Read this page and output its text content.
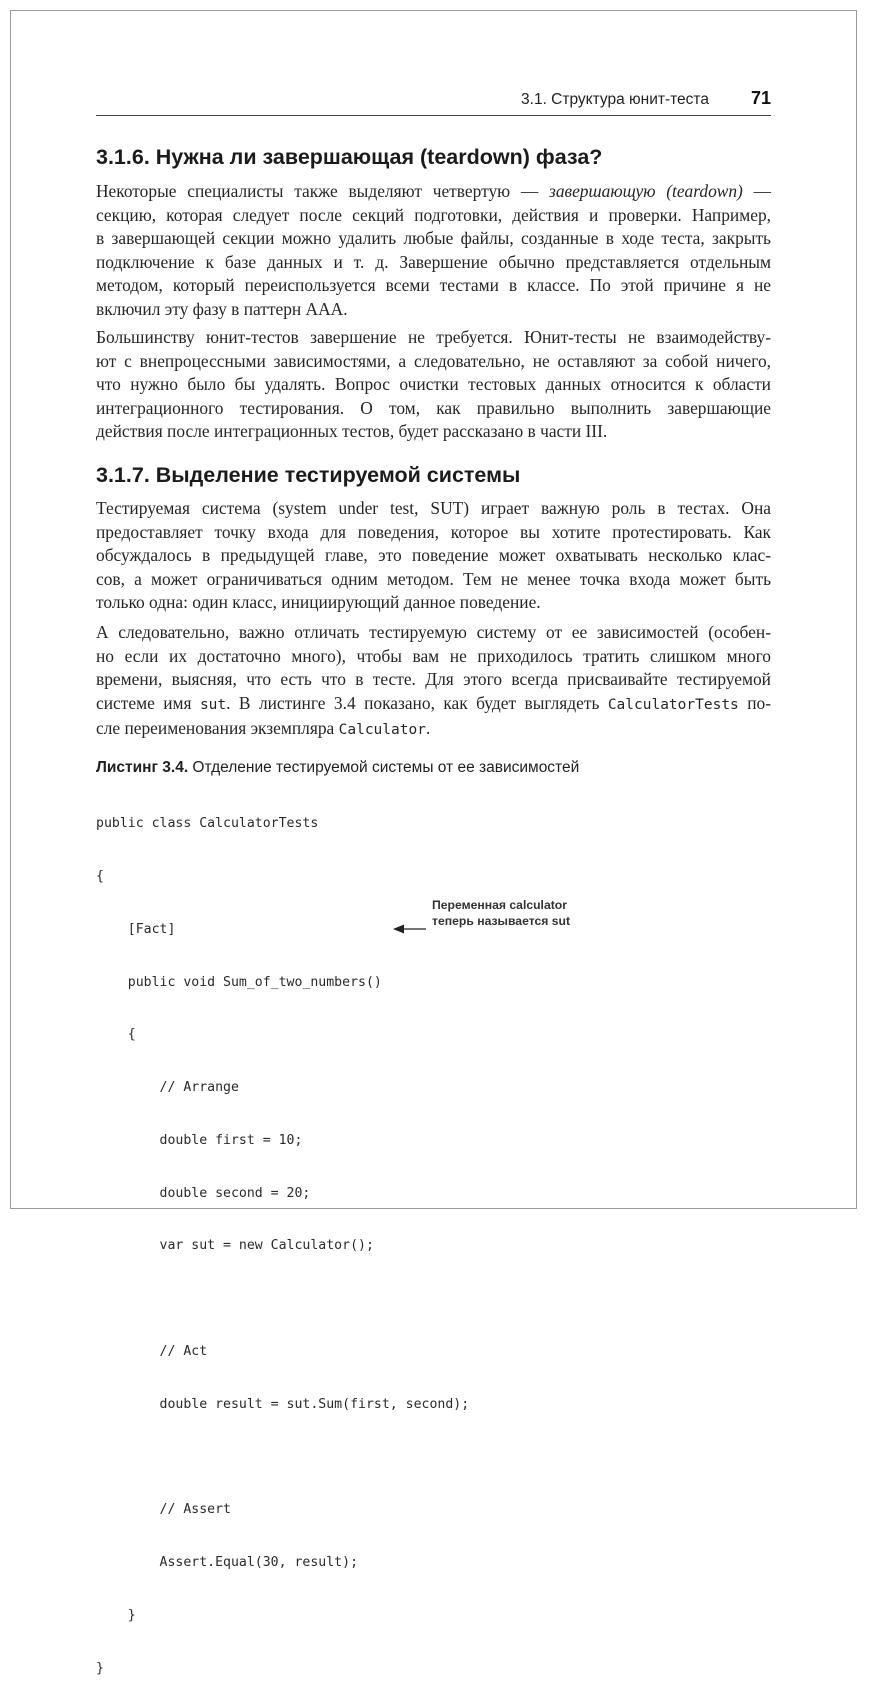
3.1. Структура юнит-теста 71
3.1.6. Нужна ли завершающая (teardown) фаза?

Некоторые специалисты также выделяют четвертую — завершающую (teardown) —
секцию, которая следует после секций подготовки, действия и проверки. Например,
в завершающей секции можно удалить любые файлы, созданные в ходе теста, закрыть
подключение к базе данных и т. д. Завершение обычно представляется отдельным
методом, который переиспользуется всеми тестами в классе. По этой причине я не
включил эту фазу в паттерн AAA.

Большинству юнит-тестов завершение не требуется. Юнит-тесты не взаимодейству-
ют с внепроцессными зависимостями, а следовательно, не оставляют за собой ничего,
что нужно было бы удалять. Вопрос очистки тестовых данных относится к области
интеграционного тестирования. О том, как правильно выполнить завершающие
действия после интеграционных тестов, будет рассказано в части III.

3.1.7. Выделение тестируемой системы

Тестируемая система (system under test, SUT) играет важную роль в тестах. Она
предоставляет точку входа для поведения, которое вы хотите протестировать. Как
обсуждалось в предыдущей главе, это поведение может охватывать несколько клас-
сов, а может ограничиваться одним методом. Тем не менее точка входа может быть
только одна: один класс, инициирующий данное поведение.

А следовательно, важно отличать тестируемую систему от ее зависимостей (особен-
но если их достаточно много), чтобы вам не приходилось тратить слишком много
времени, выясняя, что есть что в тесте. Для этого всегда присваивайте тестируемой
системе имя sut. В листинге 3.4 показано, как будет выглядеть CalculatorTests по-
сле переименования экземпляра Calculator.

Листинг 3.4. Отделение тестируемой системы от ее зависимостей

public class CalculatorTests

{

[Fact]

public void Sum_of_two_numbers()

{

// Arrange

double first = 10;

double second = 20;

var sut = new Calculator();

// Act

double result = sut.Sum(first, second);

// Assert

Assert.Equal(30, result);

}

}

Переменная calculator
теперь называется sut
